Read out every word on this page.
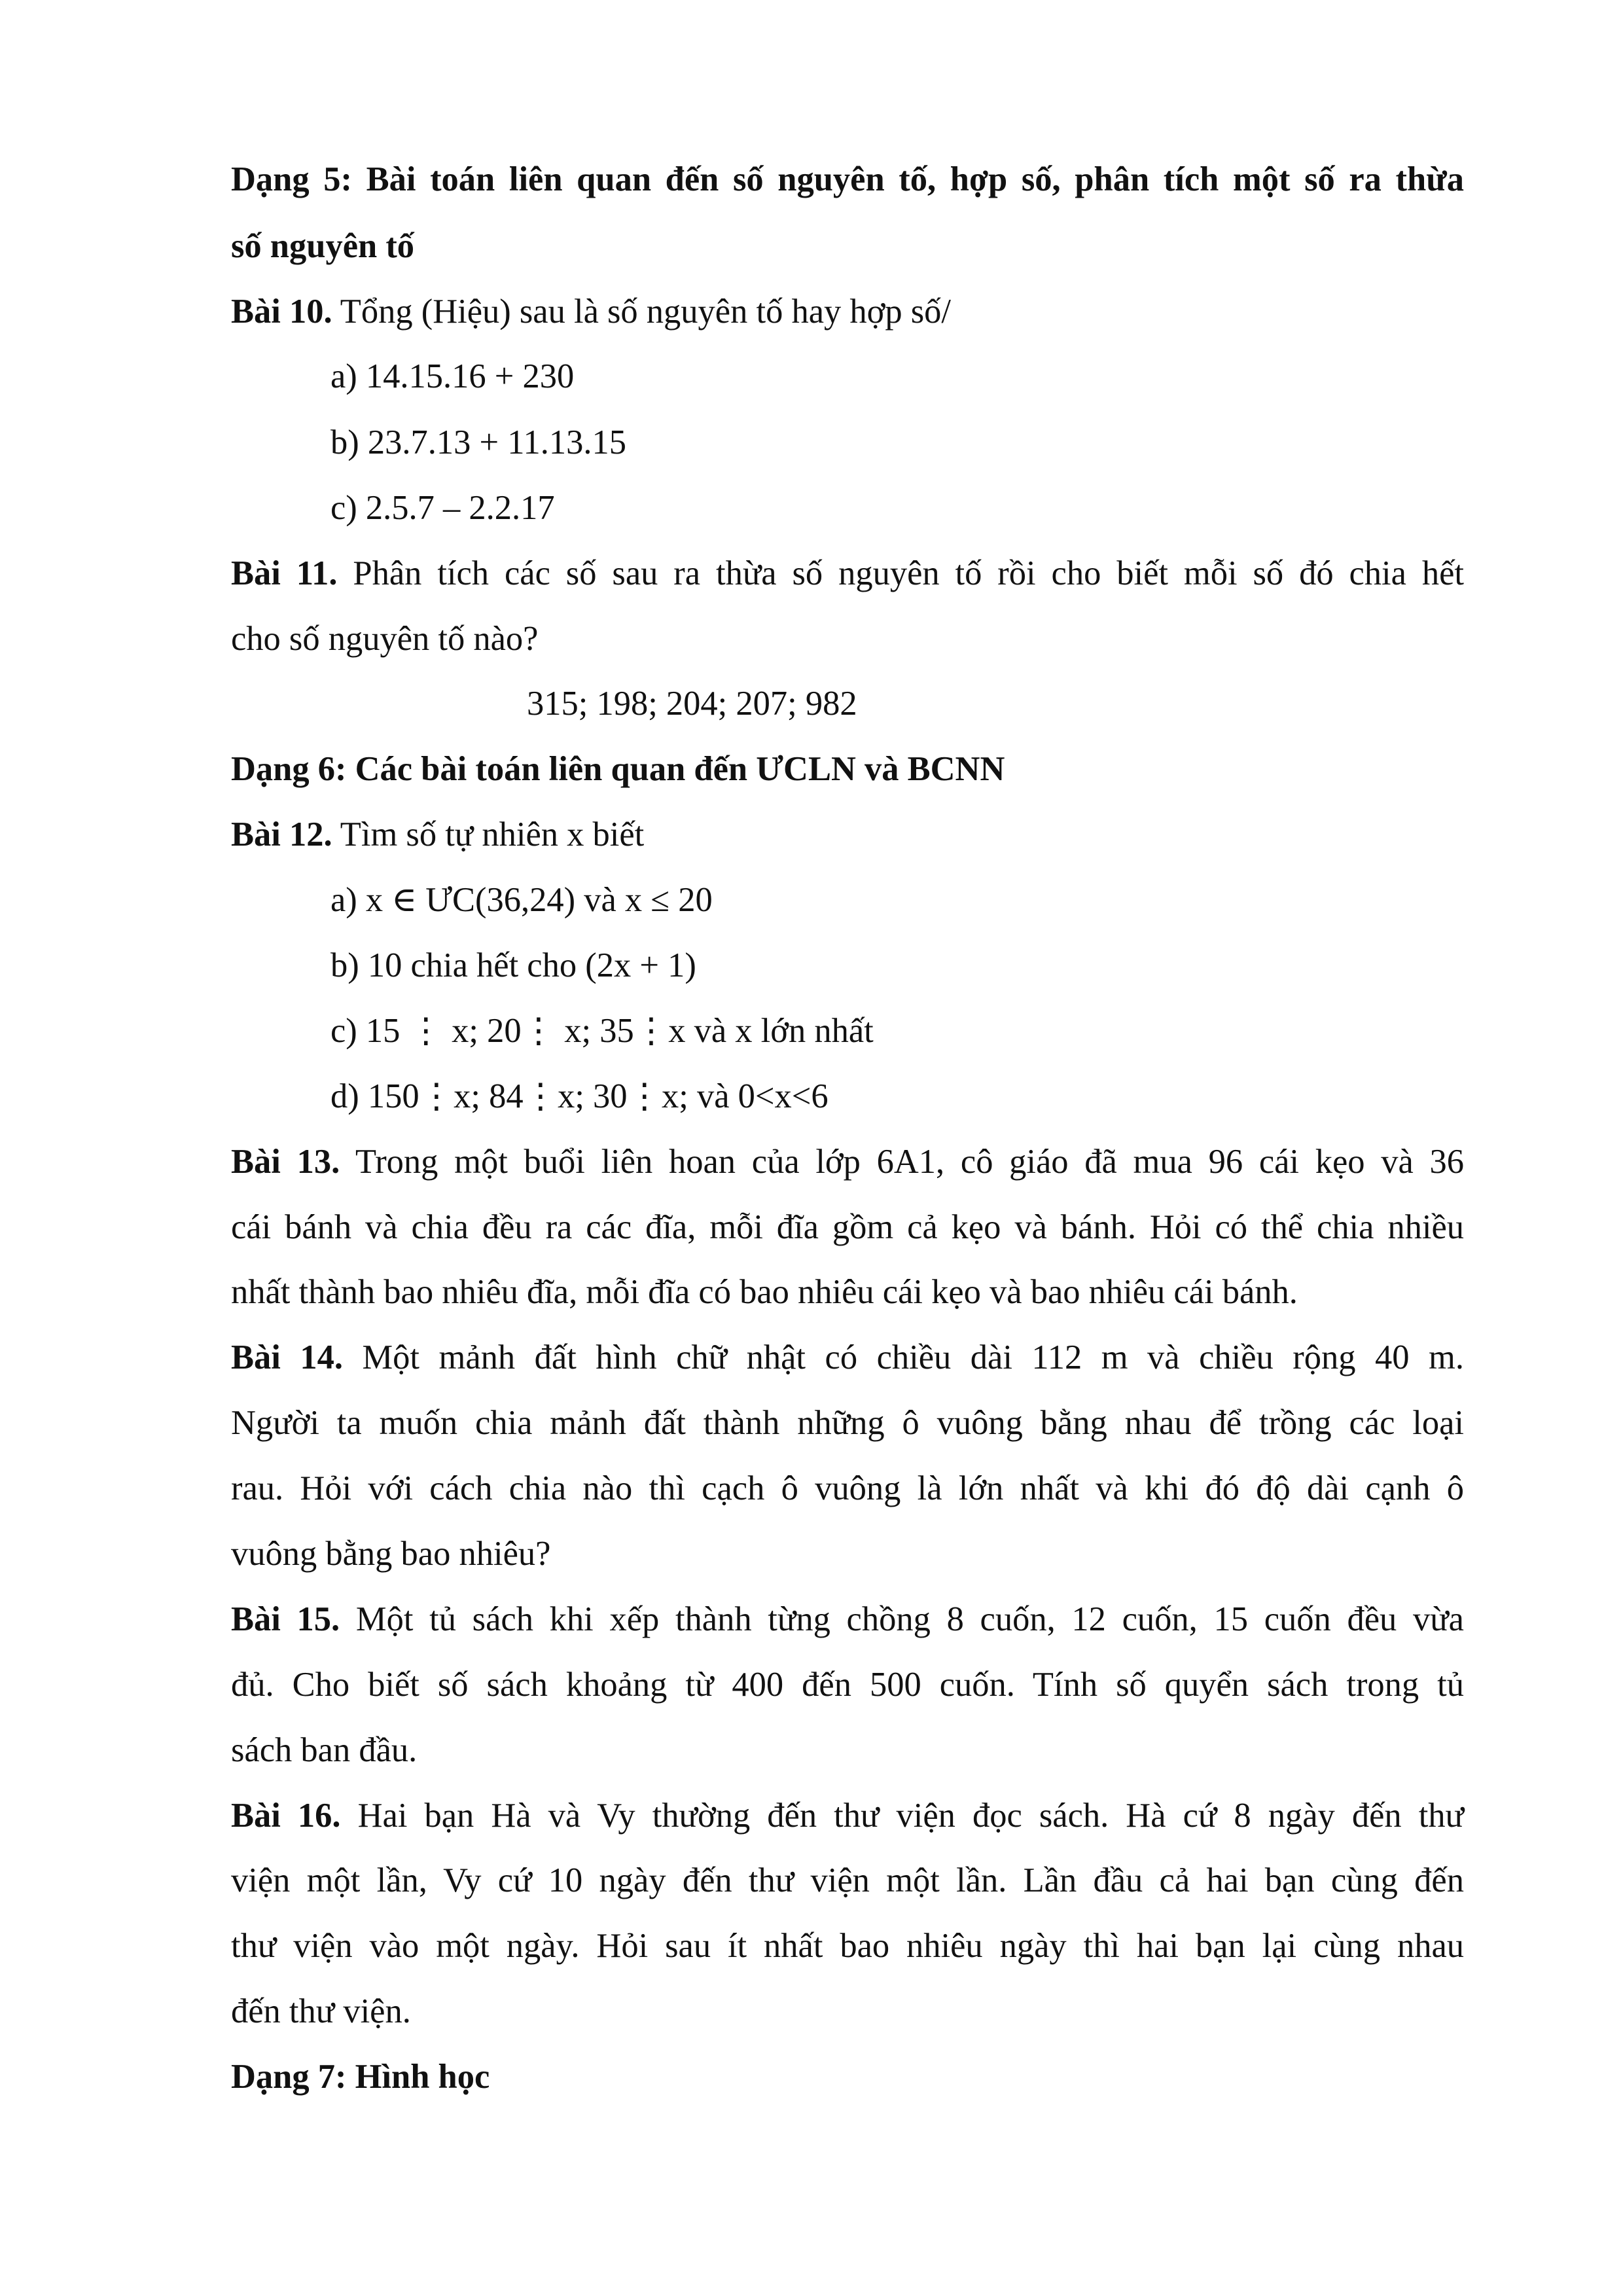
Dạng 5: Bài toán liên quan đến số nguyên tố, hợp số, phân tích một số ra thừa
số nguyên tố
Bài 10. Tổng (Hiệu) sau là số nguyên tố hay hợp số/
a) 14.15.16 + 230
b) 23.7.13 + 11.13.15
c) 2.5.7 – 2.2.17
Bài 11. Phân tích các số sau ra thừa số nguyên tố rồi cho biết mỗi số đó chia hết
cho số nguyên tố nào?
315; 198; 204; 207; 982
Dạng 6: Các bài toán liên quan đến ƯCLN và BCNN
Bài 12. Tìm số tự nhiên x biết
a) x ∈ ƯC(36,24) và x ≤ 20
b) 10 chia hết cho (2x + 1)
c) 15 ⋮ x; 20⋮ x; 35⋮x và x lớn nhất
d) 150⋮x; 84⋮x; 30⋮x; và 0<x<6
Bài 13. Trong một buổi liên hoan của lớp 6A1, cô giáo đã mua 96 cái kẹo và 36
cái bánh và chia đều ra các đĩa, mỗi đĩa gồm cả kẹo và bánh. Hỏi có thể chia nhiều
nhất thành bao nhiêu đĩa, mỗi đĩa có bao nhiêu cái kẹo và bao nhiêu cái bánh.
Bài 14. Một mảnh đất hình chữ nhật có chiều dài 112 m và chiều rộng 40 m.
Người ta muốn chia mảnh đất thành những ô vuông bằng nhau để trồng các loại
rau. Hỏi với cách chia nào thì cạch ô vuông là lớn nhất và khi đó độ dài cạnh ô
vuông bằng bao nhiêu?
Bài 15. Một tủ sách khi xếp thành từng chồng 8 cuốn, 12 cuốn, 15 cuốn đều vừa
đủ. Cho biết số sách khoảng từ 400 đến 500 cuốn. Tính số quyển sách trong tủ
sách ban đầu.
Bài 16. Hai bạn Hà và Vy thường đến thư viện đọc sách. Hà cứ 8 ngày đến thư
viện một lần, Vy cứ 10 ngày đến thư viện một lần. Lần đầu cả hai bạn cùng đến
thư viện vào một ngày. Hỏi sau ít nhất bao nhiêu ngày thì hai bạn lại cùng nhau
đến thư viện.
Dạng 7: Hình học
